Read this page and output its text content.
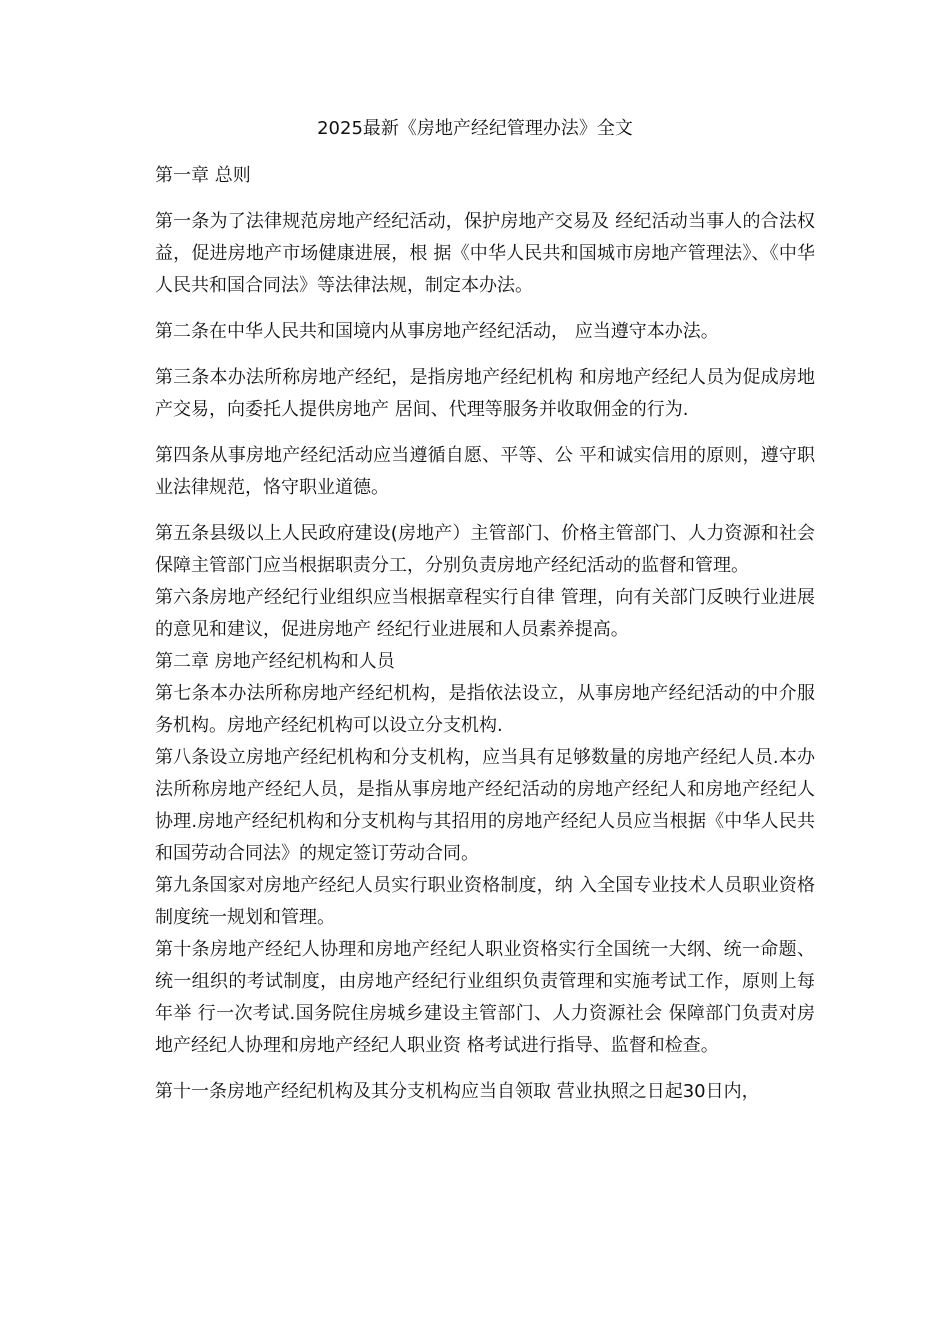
2025最新《房地产经纪管理办法》全文

第一章 总则

第一条为了法律规范房地产经纪活动，保护房地产交易及 经纪活动当事人的合法权益，促进房地产市场健康进展，根 据《中华人民共和国城市房地产管理法》、《中华人民共和国合同法》等法律法规，制定本办法。

第二条在中华人民共和国境内从事房地产经纪活动， 应当遵守本办法。

第三条本办法所称房地产经纪，是指房地产经纪机构 和房地产经纪人员为促成房地产交易，向委托人提供房地产 居间、代理等服务并收取佣金的行为.

第四条从事房地产经纪活动应当遵循自愿、平等、公 平和诚实信用的原则，遵守职业法律规范，恪守职业道德。

第五条县级以上人民政府建设(房地产）主管部门、价格主管部门、人力资源和社会保障主管部门应当根据职责分工，分别负责房地产经纪活动的监督和管理。

第六条房地产经纪行业组织应当根据章程实行自律 管理，向有关部门反映行业进展的意见和建议，促进房地产 经纪行业进展和人员素养提高。

第二章 房地产经纪机构和人员

第七条本办法所称房地产经纪机构，是指依法设立，从事房地产经纪活动的中介服务机构。房地产经纪机构可以设立分支机构.

第八条设立房地产经纪机构和分支机构，应当具有足够数量的房地产经纪人员.本办法所称房地产经纪人员，是指从事房地产经纪活动的房地产经纪人和房地产经纪人协理.房地产经纪机构和分支机构与其招用的房地产经纪人员应当根据《中华人民共和国劳动合同法》的规定签订劳动合同。

第九条国家对房地产经纪人员实行职业资格制度，纳 入全国专业技术人员职业资格制度统一规划和管理。

第十条房地产经纪人协理和房地产经纪人职业资格实行全国统一大纲、统一命题、统一组织的考试制度，由房地产经纪行业组织负责管理和实施考试工作，原则上每年举 行一次考试.国务院住房城乡建设主管部门、人力资源社会 保障部门负责对房地产经纪人协理和房地产经纪人职业资 格考试进行指导、监督和检查。

第十一条房地产经纪机构及其分支机构应当自领取 营业执照之日起30日内，
